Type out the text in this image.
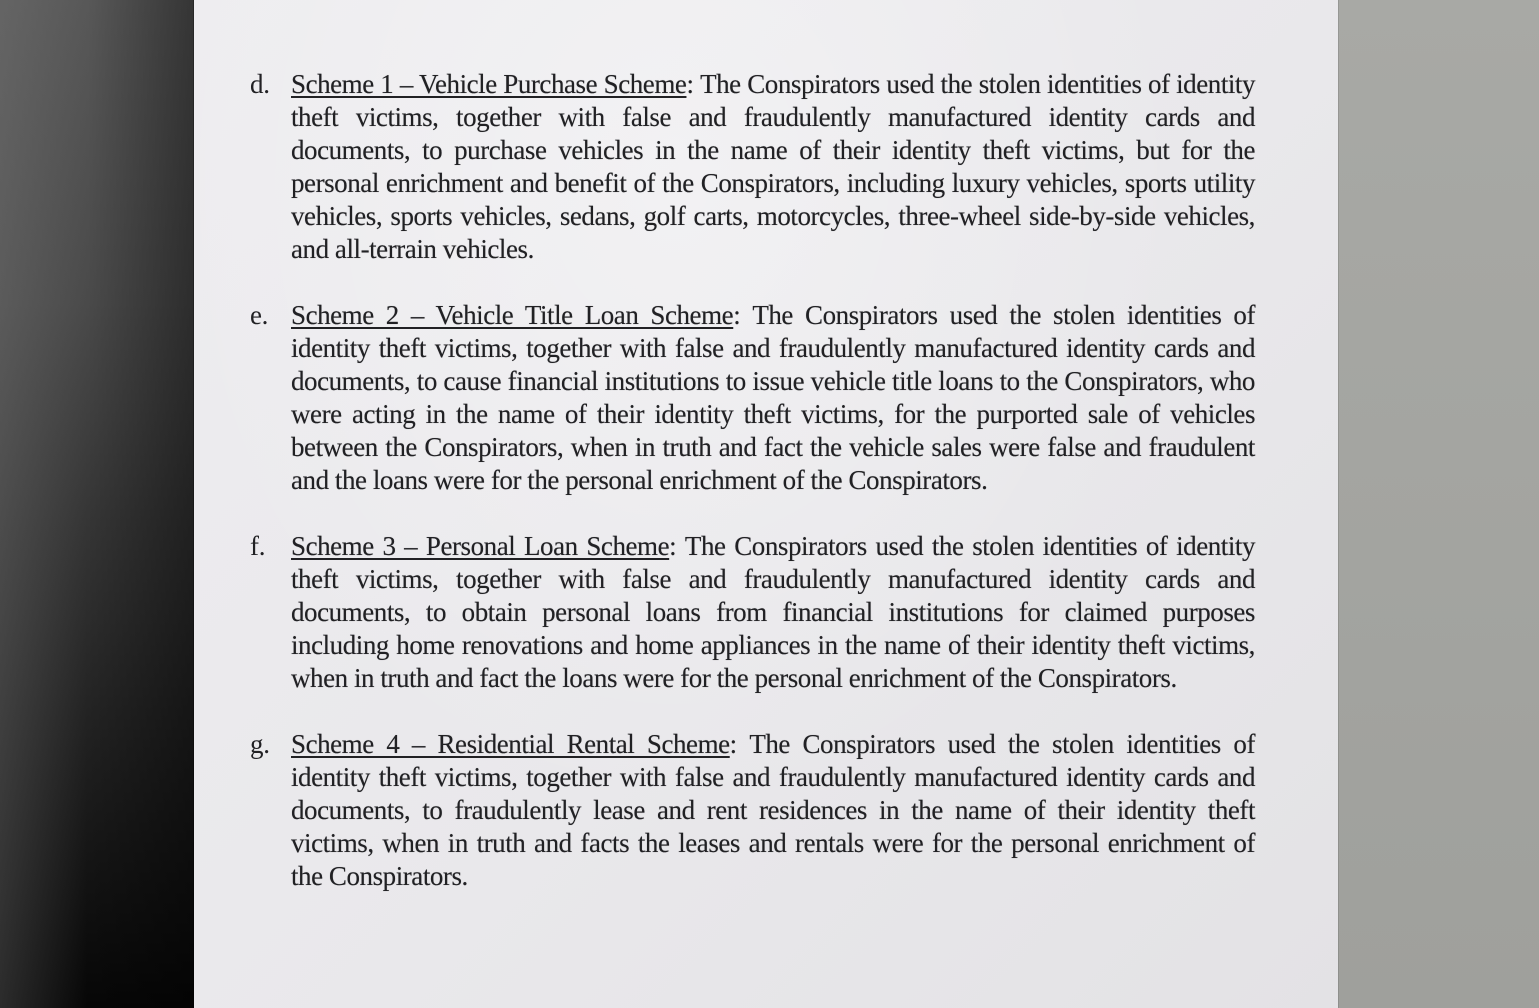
d. Scheme 1 – Vehicle Purchase Scheme: The Conspirators used the stolen identities of identity theft victims, together with false and fraudulently manufactured identity cards and documents, to purchase vehicles in the name of their identity theft victims, but for the personal enrichment and benefit of the Conspirators, including luxury vehicles, sports utility vehicles, sports vehicles, sedans, golf carts, motorcycles, three-wheel side-by-side vehicles, and all-terrain vehicles.

e. Scheme 2 – Vehicle Title Loan Scheme: The Conspirators used the stolen identities of identity theft victims, together with false and fraudulently manufactured identity cards and documents, to cause financial institutions to issue vehicle title loans to the Conspirators, who were acting in the name of their identity theft victims, for the purported sale of vehicles between the Conspirators, when in truth and fact the vehicle sales were false and fraudulent and the loans were for the personal enrichment of the Conspirators.

f. Scheme 3 – Personal Loan Scheme: The Conspirators used the stolen identities of identity theft victims, together with false and fraudulently manufactured identity cards and documents, to obtain personal loans from financial institutions for claimed purposes including home renovations and home appliances in the name of their identity theft victims, when in truth and fact the loans were for the personal enrichment of the Conspirators.

g. Scheme 4 – Residential Rental Scheme: The Conspirators used the stolen identities of identity theft victims, together with false and fraudulently manufactured identity cards and documents, to fraudulently lease and rent residences in the name of their identity theft victims, when in truth and facts the leases and rentals were for the personal enrichment of the Conspirators.
